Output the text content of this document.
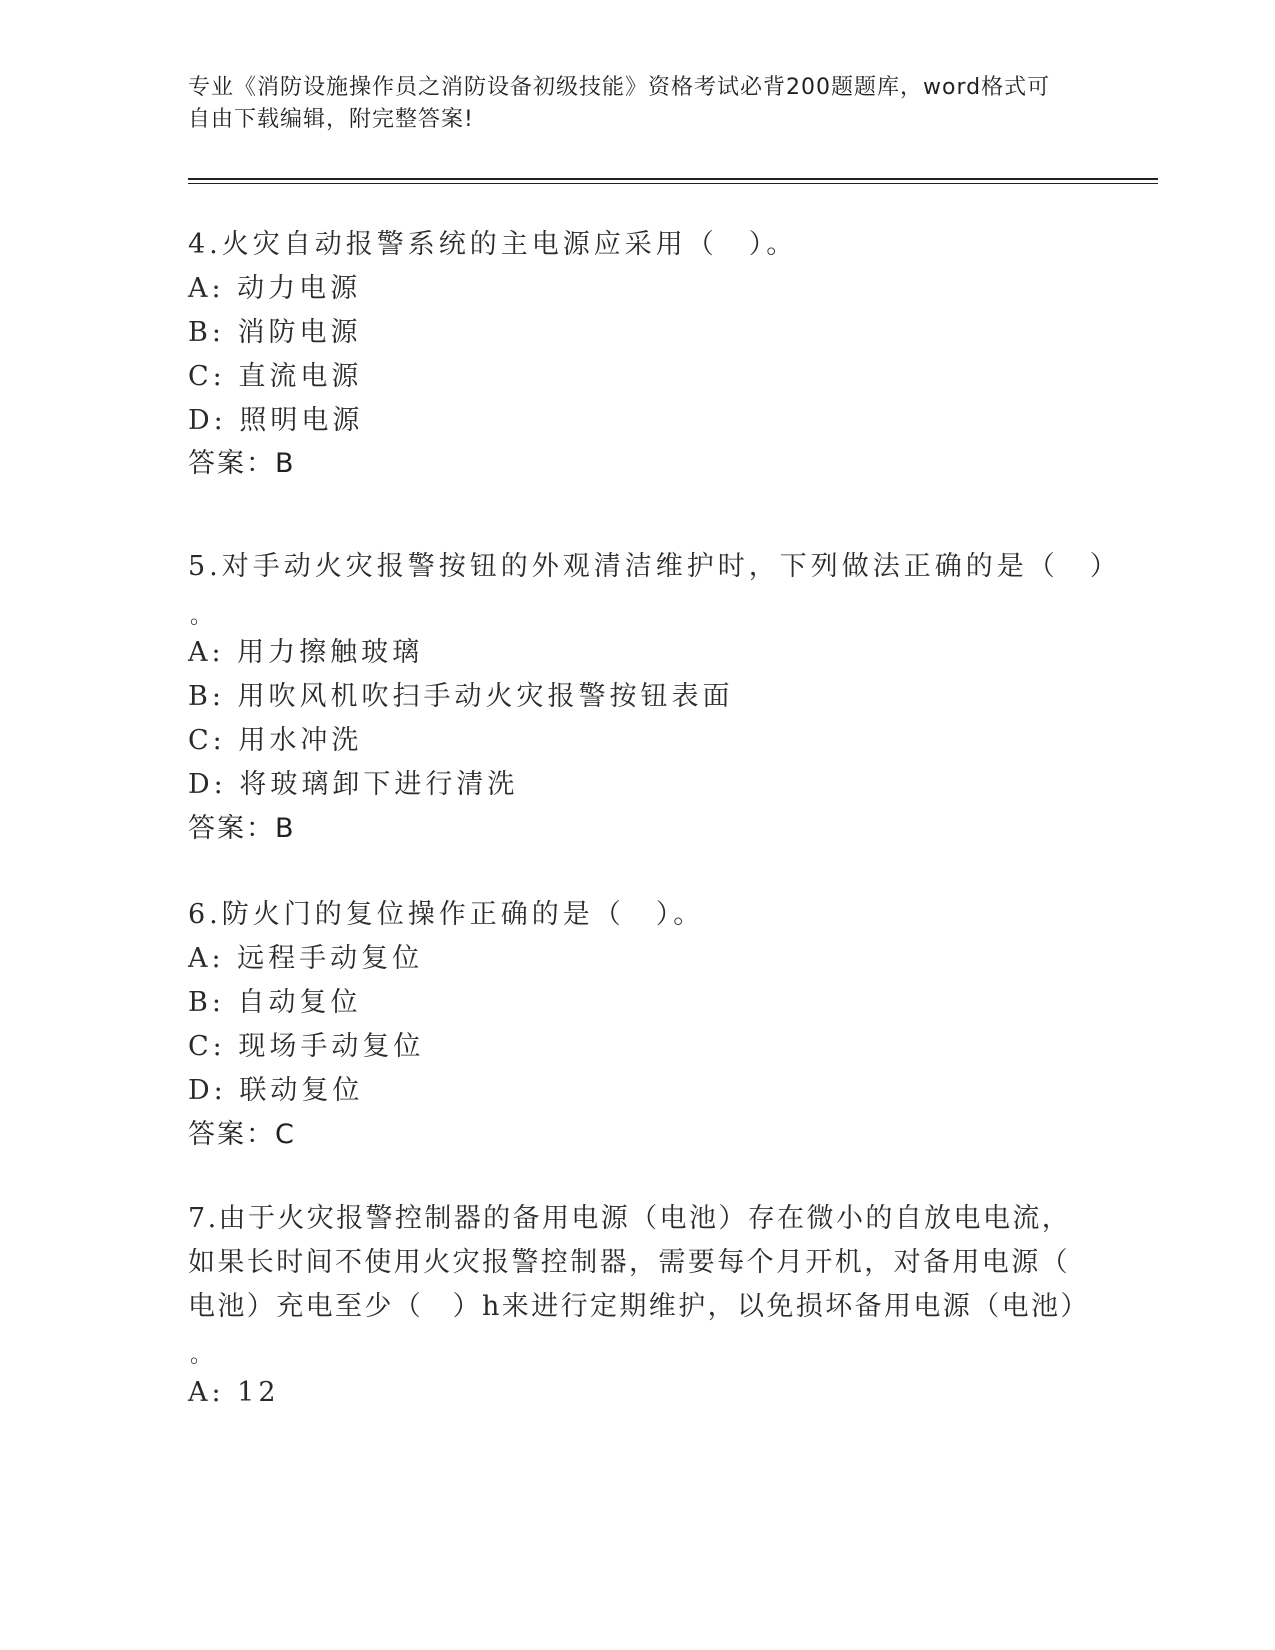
专业《消防设施操作员之消防设备初级技能》资格考试必背200题题库，word格式可自由下载编辑，附完整答案!
4.火灾自动报警系统的主电源应采用（　）。
A: 动力电源
B: 消防电源
C: 直流电源
D: 照明电源
答案：B
5.对手动火灾报警按钮的外观清洁维护时，下列做法正确的是（　）
。
A: 用力擦触玻璃
B: 用吹风机吹扫手动火灾报警按钮表面
C: 用水冲洗
D: 将玻璃卸下进行清洗
答案：B
6.防火门的复位操作正确的是（　）。
A: 远程手动复位
B: 自动复位
C: 现场手动复位
D: 联动复位
答案：C
7.由于火灾报警控制器的备用电源（电池）存在微小的自放电电流，
如果长时间不使用火灾报警控制器，需要每个月开机，对备用电源（
电池）充电至少（　）h来进行定期维护，以免损坏备用电源（电池）
。
A: 12
